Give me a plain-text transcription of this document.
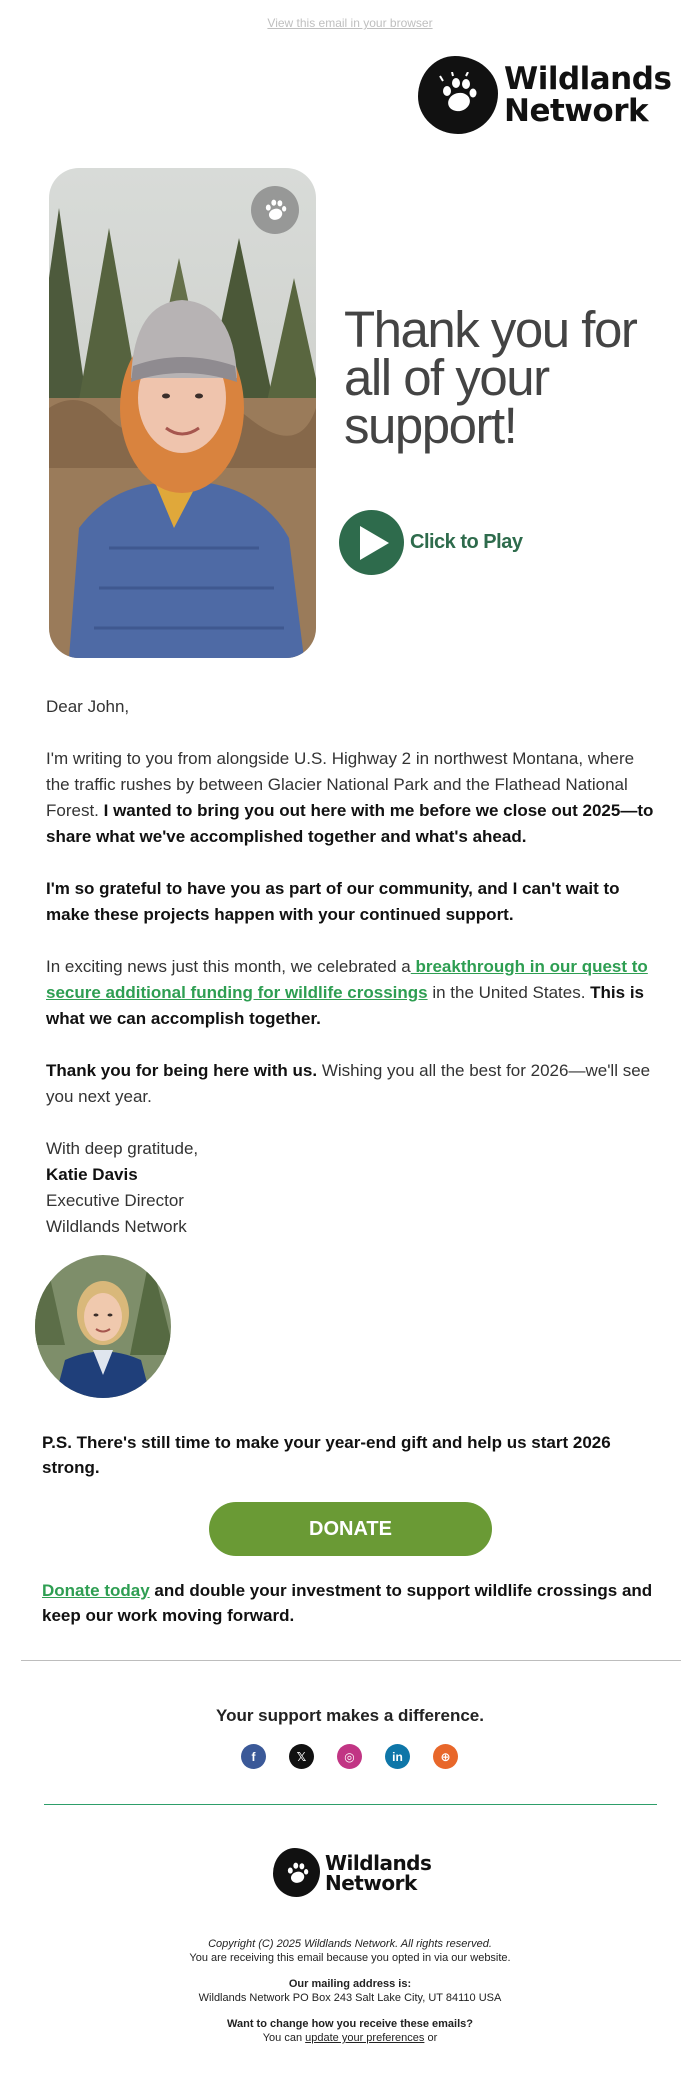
View this email in your browser
Wildlands
Network
Thank you for all of your support!
Click to Play

Dear John,

I'm writing to you from alongside U.S. Highway 2 in northwest Montana, where the traffic rushes by between Glacier National Park and the Flathead National Forest. I wanted to bring you out here with me before we close out 2025—to share what we've accomplished together and what's ahead.

I'm so grateful to have you as part of our community, and I can't wait to make these projects happen with your continued support.

In exciting news just this month, we celebrated a breakthrough in our quest to secure additional funding for wildlife crossings in the United States. This is what we can accomplish together.

Thank you for being here with us. Wishing you all the best for 2026—we'll see you next year.

With deep gratitude,

Katie Davis

Executive Director

Wildlands Network

P.S. There's still time to make your year-end gift and help us start 2026 strong.
DONATE
Donate today and double your investment to support wildlife crossings and keep our work moving forward.
Your support makes a difference.
f	𝕏	◎	in	⊕
Wildlands
Network
Copyright (C) 2025 Wildlands Network. All rights reserved.
You are receiving this email because you opted in via our website.
Our mailing address is:
Wildlands Network PO Box 243 Salt Lake City, UT 84110 USA
Want to change how you receive these emails?
You can update your preferences or
